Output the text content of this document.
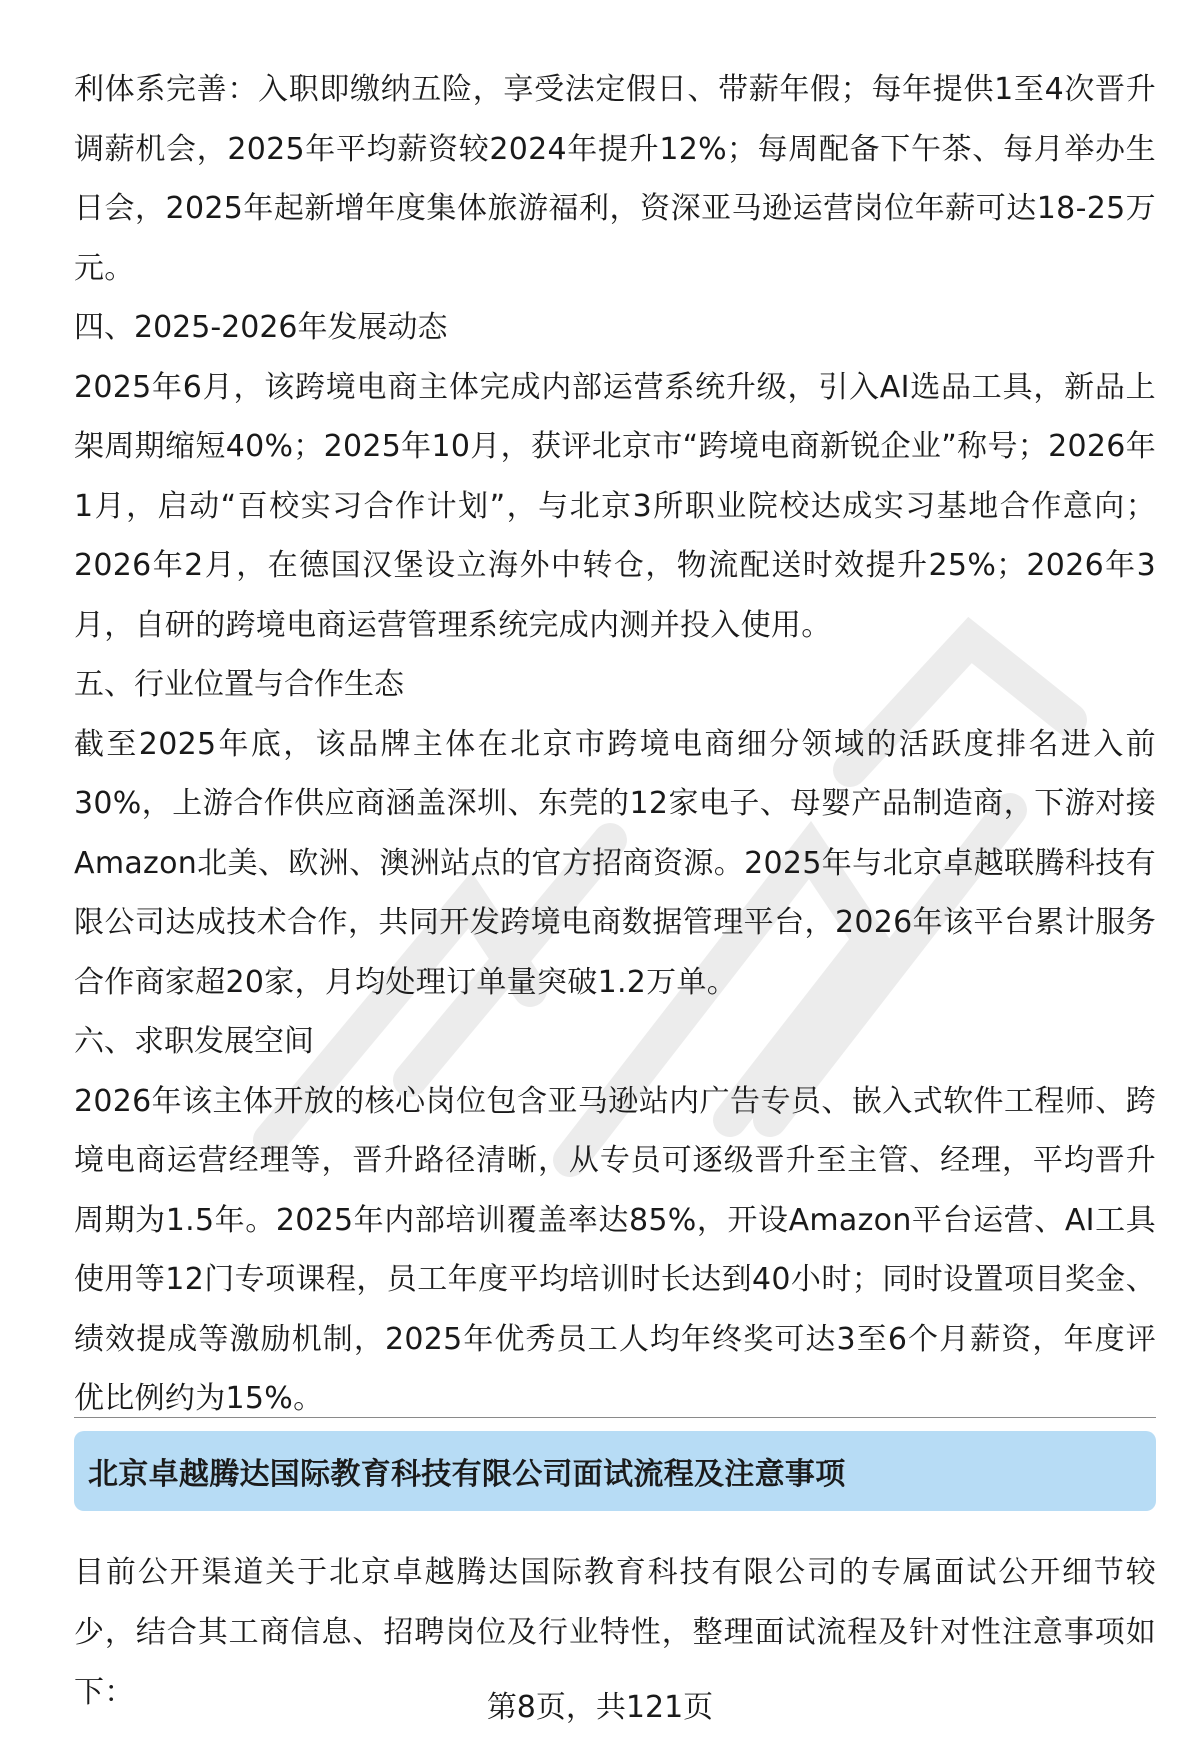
利体系完善：入职即缴纳五险，享受法定假日、带薪年假；每年提供1至4次晋升调薪机会，2025年平均薪资较2024年提升12%；每周配备下午茶、每月举办生日会，2025年起新增年度集体旅游福利，资深亚马逊运营岗位年薪可达18-25万元。

四、2025-2026年发展动态

2025年6月，该跨境电商主体完成内部运营系统升级，引入AI选品工具，新品上架周期缩短40%；2025年10月，获评北京市“跨境电商新锐企业”称号；2026年1月，启动“百校实习合作计划”，与北京3所职业院校达成实习基地合作意向；2026年2月，在德国汉堡设立海外中转仓，物流配送时效提升25%；2026年3月，自研的跨境电商运营管理系统完成内测并投入使用。

五、行业位置与合作生态

截至2025年底，该品牌主体在北京市跨境电商细分领域的活跃度排名进入前30%，上游合作供应商涵盖深圳、东莞的12家电子、母婴产品制造商，下游对接Amazon北美、欧洲、澳洲站点的官方招商资源。2025年与北京卓越联腾科技有限公司达成技术合作，共同开发跨境电商数据管理平台，2026年该平台累计服务合作商家超20家，月均处理订单量突破1.2万单。

六、求职发展空间

2026年该主体开放的核心岗位包含亚马逊站内广告专员、嵌入式软件工程师、跨境电商运营经理等，晋升路径清晰，从专员可逐级晋升至主管、经理，平均晋升周期为1.5年。2025年内部培训覆盖率达85%，开设Amazon平台运营、AI工具使用等12门专项课程，员工年度平均培训时长达到40小时；同时设置项目奖金、绩效提成等激励机制，2025年优秀员工人均年终奖可达3至6个月薪资，年度评优比例约为15%。

北京卓越腾达国际教育科技有限公司面试流程及注意事项

目前公开渠道关于北京卓越腾达国际教育科技有限公司的专属面试公开细节较少，结合其工商信息、招聘岗位及行业特性，整理面试流程及针对性注意事项如下：	第8页，共121页
